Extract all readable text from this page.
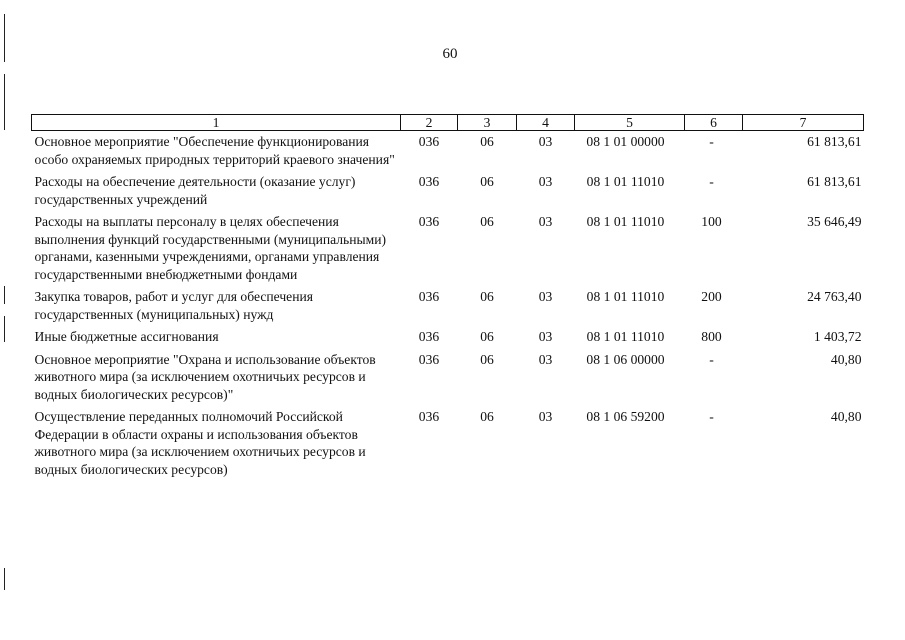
60
1	2	3	4	5	6	7
Основное мероприятие "Обеспечение функционирования особо охраняемых природных территорий краевого значения"	036	06	03	08 1 01 00000	-	61 813,61
Расходы на обеспечение деятельности (оказание услуг) государственных учреждений	036	06	03	08 1 01 11010	-	61 813,61
Расходы на выплаты персоналу в целях обеспечения выполнения функций государственными (муниципальными) органами, казенными учреждениями, органами управления государственными внебюджетными фондами	036	06	03	08 1 01 11010	100	35 646,49
Закупка товаров, работ и услуг для обеспечения государственных (муниципальных) нужд	036	06	03	08 1 01 11010	200	24 763,40
Иные бюджетные ассигнования	036	06	03	08 1 01 11010	800	1 403,72
Основное мероприятие "Охрана и использование объектов животного мира (за исключением охотничьих ресурсов и водных биологических ресурсов)"	036	06	03	08 1 06 00000	-	40,80
Осуществление переданных полномочий Российской Федерации в области охраны и использования объектов животного мира (за исключением охотничьих ресурсов и водных биологических ресурсов)	036	06	03	08 1 06 59200	-	40,80
